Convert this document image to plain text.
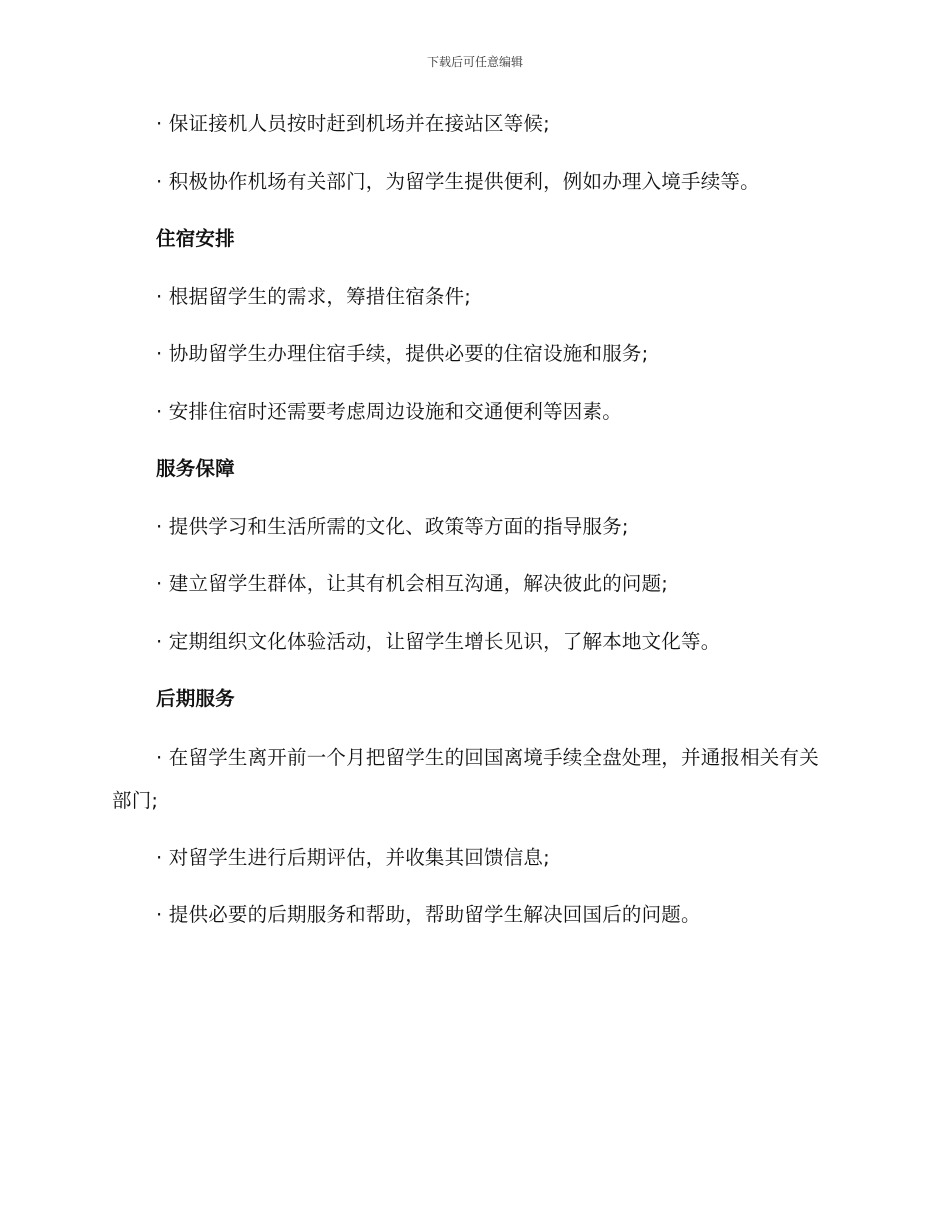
下载后可任意编辑

· 保证接机人员按时赶到机场并在接站区等候;

· 积极协作机场有关部门，为留学生提供便利，例如办理入境手续等。

住宿安排

· 根据留学生的需求，筹措住宿条件;

· 协助留学生办理住宿手续，提供必要的住宿设施和服务;

· 安排住宿时还需要考虑周边设施和交通便利等因素。

服务保障

· 提供学习和生活所需的文化、政策等方面的指导服务;

· 建立留学生群体，让其有机会相互沟通，解决彼此的问题;

· 定期组织文化体验活动，让留学生增长见识，了解本地文化等。

后期服务

· 在留学生离开前一个月把留学生的回国离境手续全盘处理，并通报相关有关部门;

· 对留学生进行后期评估，并收集其回馈信息;

· 提供必要的后期服务和帮助，帮助留学生解决回国后的问题。
